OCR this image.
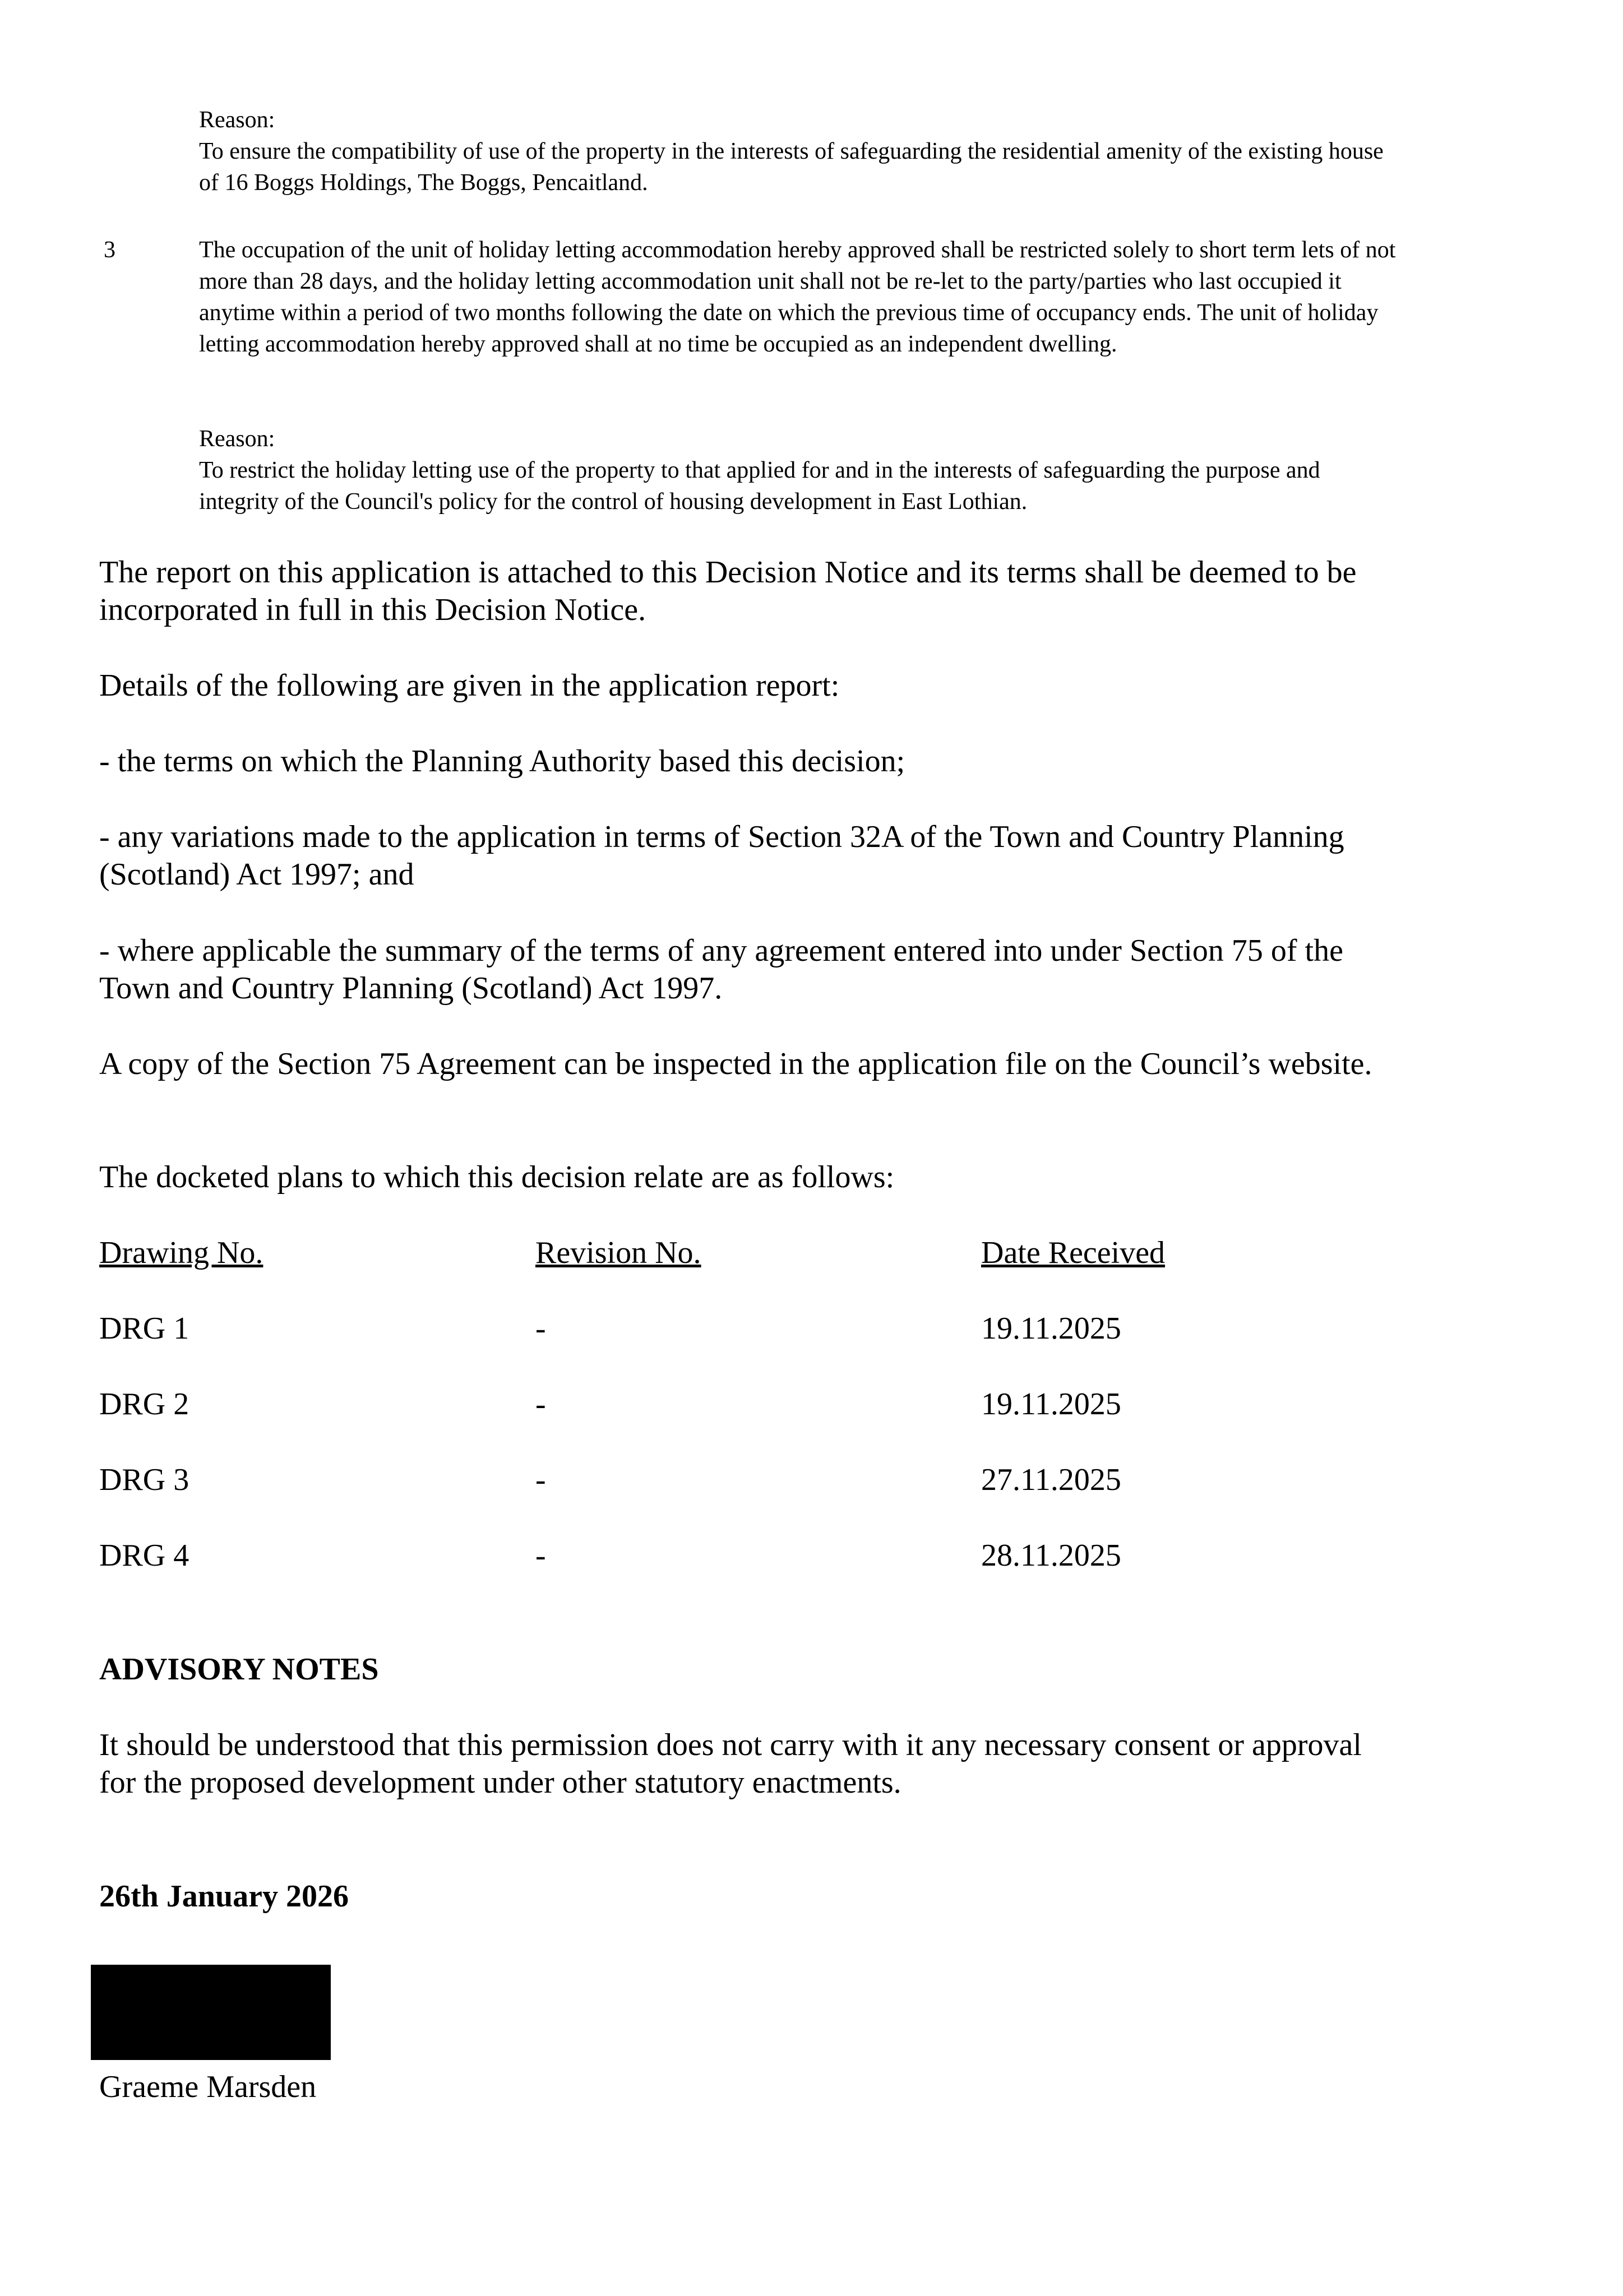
Reason:
To ensure the compatibility of use of the property in the interests of safeguarding the residential amenity of the existing house of 16 Boggs Holdings, The Boggs, Pencaitland.
3	The occupation of the unit of holiday letting accommodation hereby approved shall be restricted solely to short term lets of not more than 28 days, and the holiday letting accommodation unit shall not be re-let to the party/parties who last occupied it anytime within a period of two months following the date on which the previous time of occupancy ends. The unit of holiday letting accommodation hereby approved shall at no time be occupied as an independent dwelling.
Reason:
To restrict the holiday letting use of the property to that applied for and in the interests of safeguarding the purpose and integrity of the Council's policy for the control of housing development in East Lothian.
The report on this application is attached to this Decision Notice and its terms shall be deemed to be incorporated in full in this Decision Notice.
Details of the following are given in the application report:
- the terms on which the Planning Authority based this decision;
- any variations made to the application in terms of Section 32A of the Town and Country Planning (Scotland) Act 1997; and
- where applicable the summary of the terms of any agreement entered into under Section 75 of the Town and Country Planning (Scotland) Act 1997.
A copy of the Section 75 Agreement can be inspected in the application file on the Council’s website.
The docketed plans to which this decision relate are as follows:
Drawing No.	Revision No.	Date Received
DRG 1	-	19.11.2025
DRG 2	-	19.11.2025
DRG 3	-	27.11.2025
DRG 4	-	28.11.2025
ADVISORY NOTES
It should be understood that this permission does not carry with it any necessary consent or approval for the proposed development under other statutory enactments.
26th January 2026
Graeme Marsden
